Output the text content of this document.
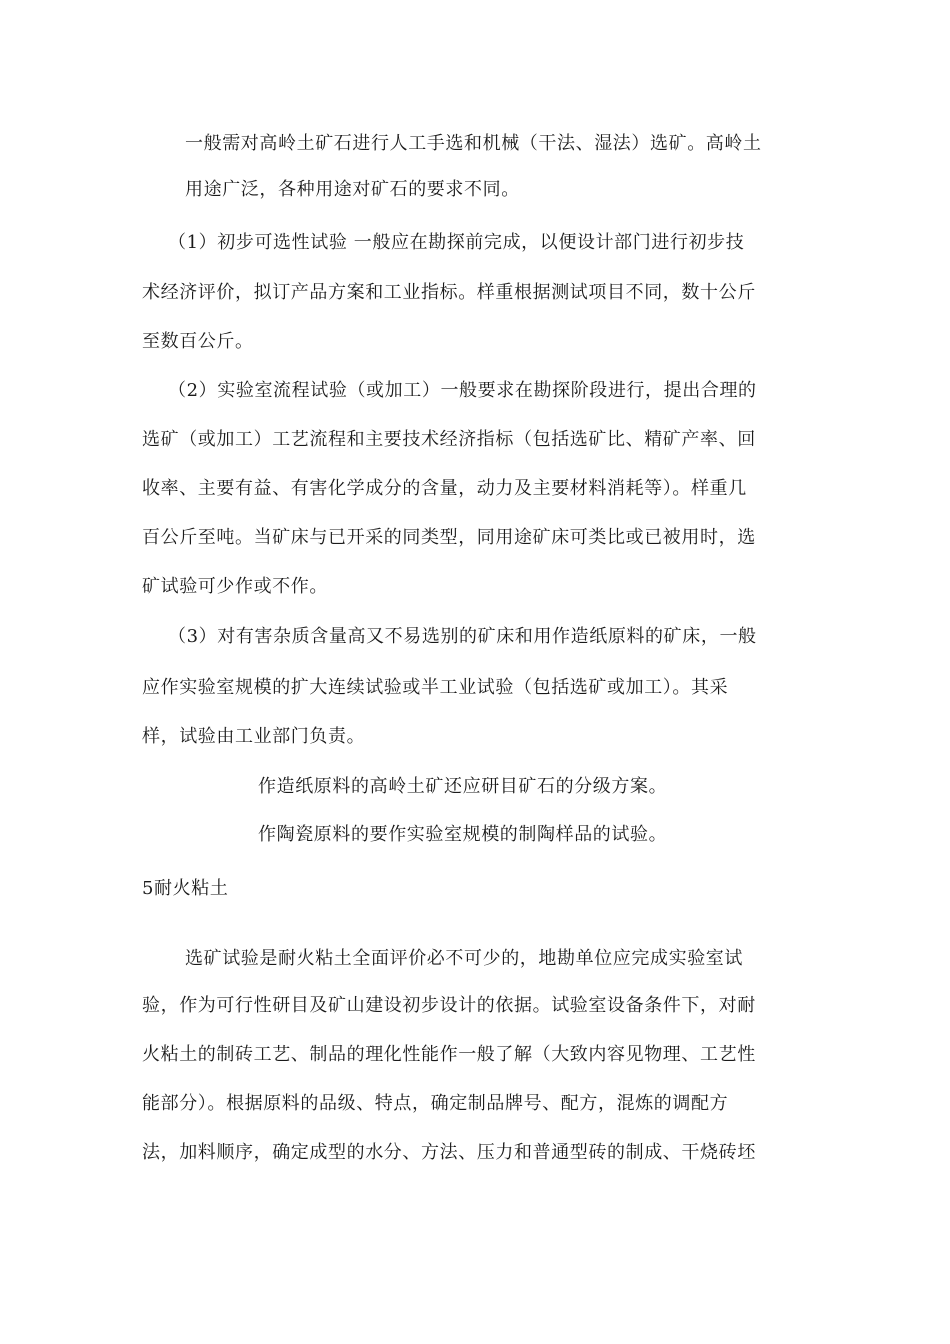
一般需对高岭土矿石进行人工手选和机械（干法、湿法）选矿。高岭土
用途广泛，各种用途对矿石的要求不同。
（1）初步可选性试验 一般应在勘探前完成，以便设计部门进行初步技
术经济评价，拟订产品方案和工业指标。样重根据测试项目不同，数十公斤
至数百公斤。
（2）实验室流程试验（或加工）一般要求在勘探阶段进行，提出合理的
选矿（或加工）工艺流程和主要技术经济指标（包括选矿比、精矿产率、回
收率、主要有益、有害化学成分的含量，动力及主要材料消耗等）。样重几
百公斤至吨。当矿床与已开采的同类型，同用途矿床可类比或已被用时，选
矿试验可少作或不作。
（3）对有害杂质含量高又不易选别的矿床和用作造纸原料的矿床，一般
应作实验室规模的扩大连续试验或半工业试验（包括选矿或加工）。其采
样，试验由工业部门负责。
作造纸原料的高岭土矿还应研目矿石的分级方案。
作陶瓷原料的要作实验室规模的制陶样品的试验。
5耐火粘土
选矿试验是耐火粘土全面评价必不可少的，地勘单位应完成实验室试
验，作为可行性研目及矿山建设初步设计的依据。试验室设备条件下，对耐
火粘土的制砖工艺、制品的理化性能作一般了解（大致内容见物理、工艺性
能部分）。根据原料的品级、特点，确定制品牌号、配方，混炼的调配方
法，加料顺序，确定成型的水分、方法、压力和普通型砖的制成、干烧砖坯
